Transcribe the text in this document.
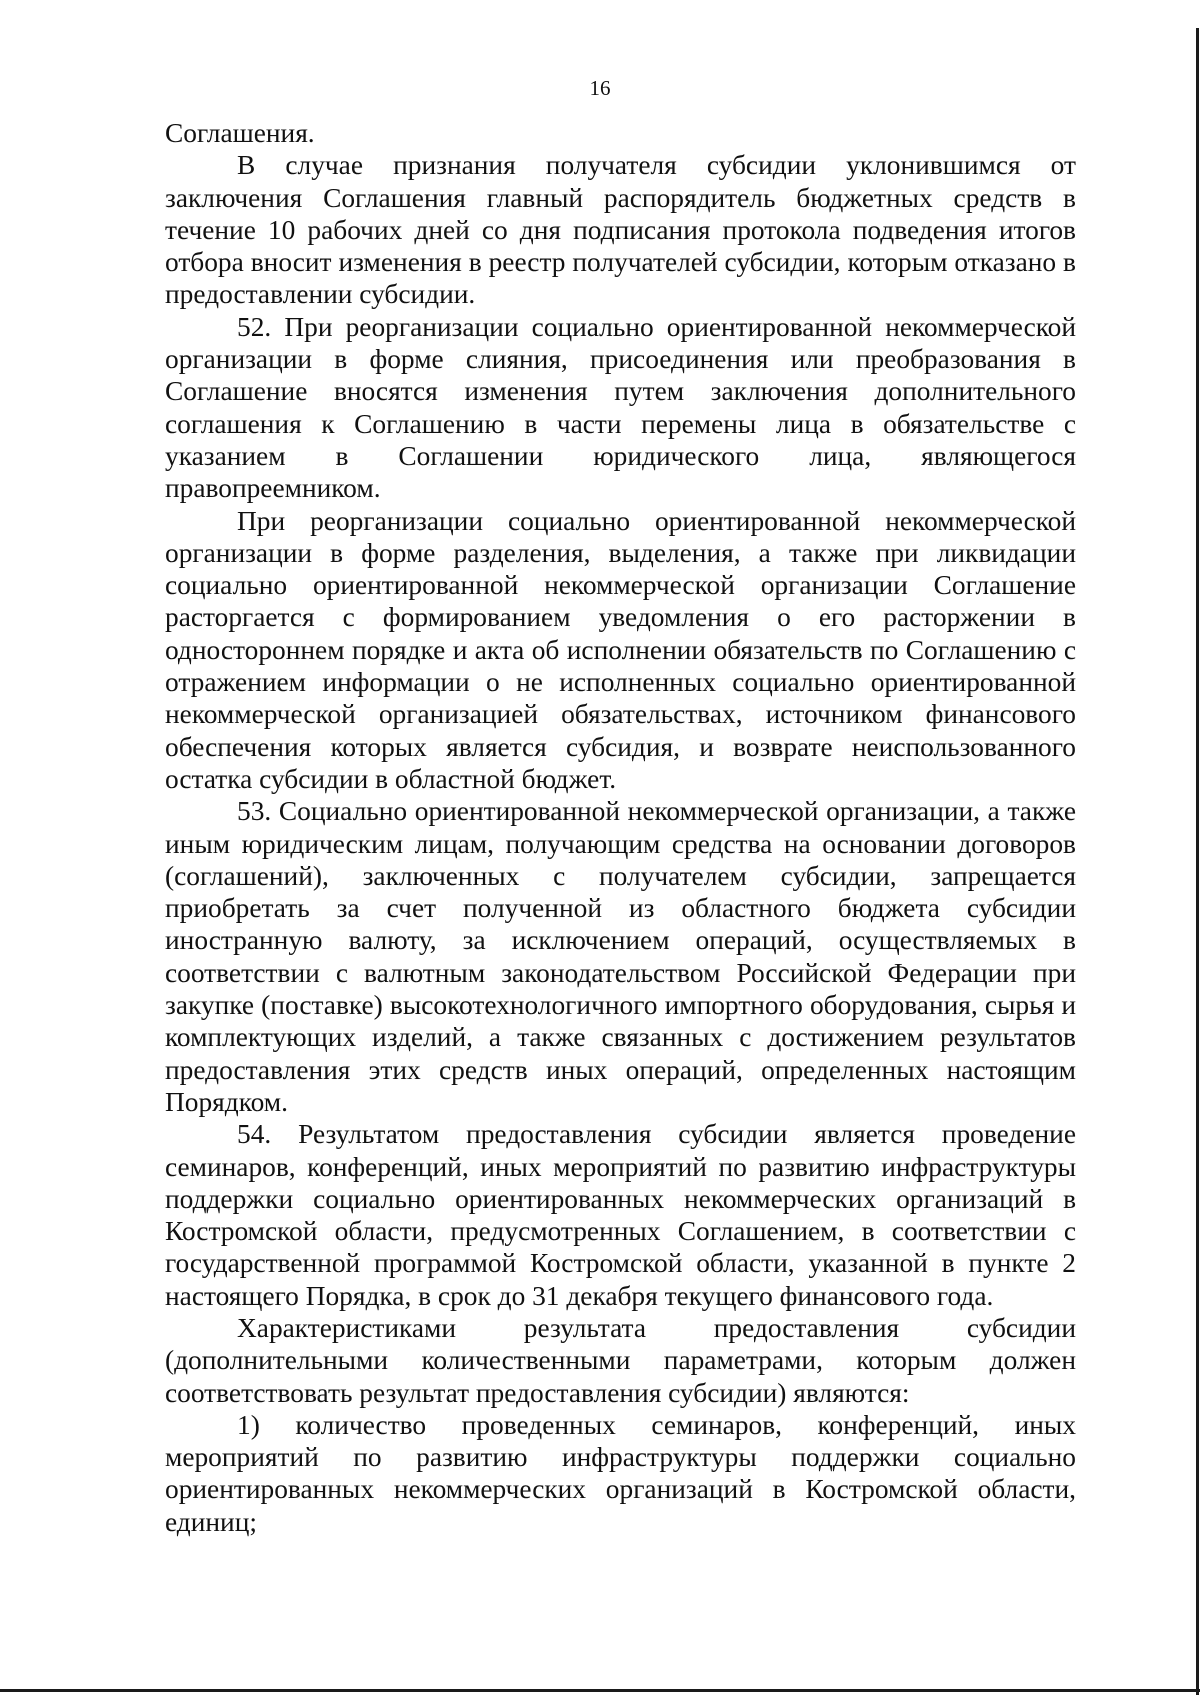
16

Соглашения.

В случае признания получателя субсидии уклонившимся от заключения Соглашения главный распорядитель бюджетных средств в течение 10 рабочих дней со дня подписания протокола подведения итогов отбора вносит изменения в реестр получателей субсидии, которым отказано в предоставлении субсидии.

52. При реорганизации социально ориентированной некоммерческой организации в форме слияния, присоединения или преобразования в Соглашение вносятся изменения путем заключения дополнительного соглашения к Соглашению в части перемены лица в обязательстве с указанием в Соглашении юридического лица, являющегося правопреемником.

При реорганизации социально ориентированной некоммерческой организации в форме разделения, выделения, а также при ликвидации социально ориентированной некоммерческой организации Соглашение расторгается с формированием уведомления о его расторжении в одностороннем порядке и акта об исполнении обязательств по Соглашению с отражением информации о не исполненных социально ориентированной некоммерческой организацией обязательствах, источником финансового обеспечения которых является субсидия, и возврате неиспользованного остатка субсидии в областной бюджет.

53. Социально ориентированной некоммерческой организации, а также иным юридическим лицам, получающим средства на основании договоров (соглашений), заключенных с получателем субсидии, запрещается приобретать за счет полученной из областного бюджета субсидии иностранную валюту, за исключением операций, осуществляемых в соответствии с валютным законодательством Российской Федерации при закупке (поставке) высокотехнологичного импортного оборудования, сырья и комплектующих изделий, а также связанных с достижением результатов предоставления этих средств иных операций, определенных настоящим Порядком.

54. Результатом предоставления субсидии является проведение семинаров, конференций, иных мероприятий по развитию инфраструктуры поддержки социально ориентированных некоммерческих организаций в Костромской области, предусмотренных Соглашением, в соответствии с государственной программой Костромской области, указанной в пункте 2 настоящего Порядка, в срок до 31 декабря текущего финансового года.

Характеристиками результата предоставления субсидии (дополнительными количественными параметрами, которым должен соответствовать результат предоставления субсидии) являются:

1) количество проведенных семинаров, конференций, иных мероприятий по развитию инфраструктуры поддержки социально ориентированных некоммерческих организаций в Костромской области, единиц;
